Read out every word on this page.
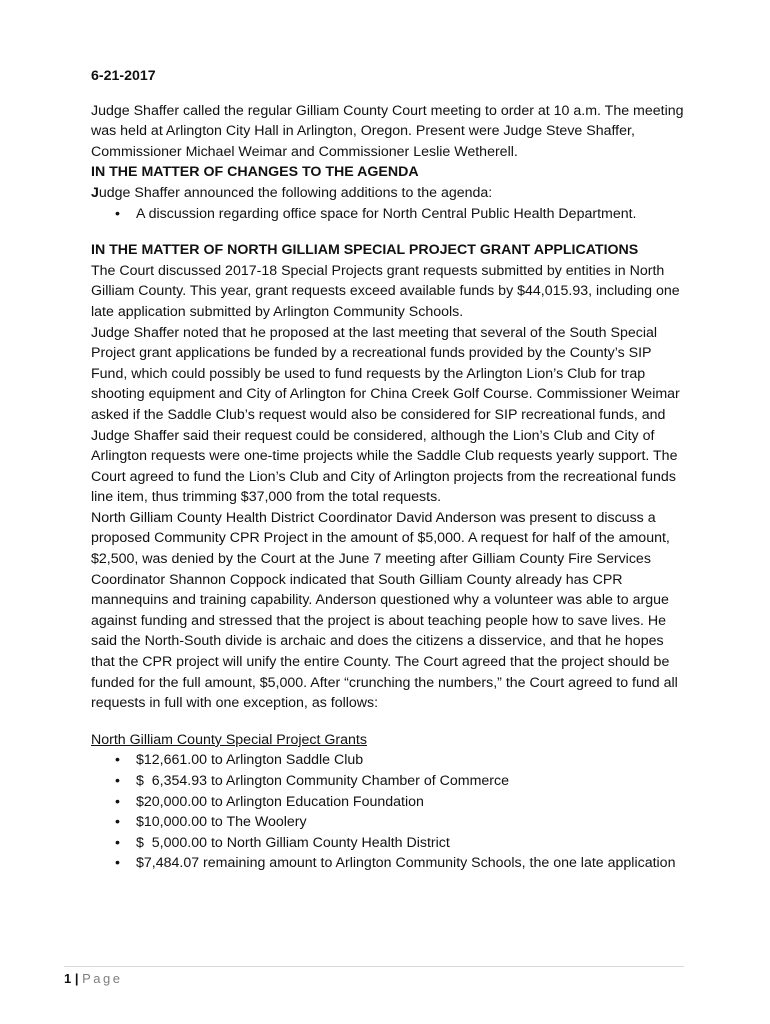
6-21-2017

Judge Shaffer called the regular Gilliam County Court meeting to order at 10 a.m. The meeting was held at Arlington City Hall in Arlington, Oregon. Present were Judge Steve Shaffer, Commissioner Michael Weimar and Commissioner Leslie Wetherell.

IN THE MATTER OF CHANGES TO THE AGENDA

Judge Shaffer announced the following additions to the agenda:

• A discussion regarding office space for North Central Public Health Department.

IN THE MATTER OF NORTH GILLIAM SPECIAL PROJECT GRANT APPLICATIONS

The Court discussed 2017-18 Special Projects grant requests submitted by entities in North Gilliam County. This year, grant requests exceed available funds by $44,015.93, including one late application submitted by Arlington Community Schools.

Judge Shaffer noted that he proposed at the last meeting that several of the South Special Project grant applications be funded by a recreational funds provided by the County’s SIP Fund, which could possibly be used to fund requests by the Arlington Lion’s Club for trap shooting equipment and City of Arlington for China Creek Golf Course. Commissioner Weimar asked if the Saddle Club’s request would also be considered for SIP recreational funds, and Judge Shaffer said their request could be considered, although the Lion’s Club and City of Arlington requests were one-time projects while the Saddle Club requests yearly support. The Court agreed to fund the Lion’s Club and City of Arlington projects from the recreational funds line item, thus trimming $37,000 from the total requests.

North Gilliam County Health District Coordinator David Anderson was present to discuss a proposed Community CPR Project in the amount of $5,000. A request for half of the amount, $2,500, was denied by the Court at the June 7 meeting after Gilliam County Fire Services Coordinator Shannon Coppock indicated that South Gilliam County already has CPR mannequins and training capability. Anderson questioned why a volunteer was able to argue against funding and stressed that the project is about teaching people how to save lives. He said the North-South divide is archaic and does the citizens a disservice, and that he hopes that the CPR project will unify the entire County. The Court agreed that the project should be funded for the full amount, $5,000. After “crunching the numbers,” the Court agreed to fund all requests in full with one exception, as follows:

North Gilliam County Special Project Grants

• $12,661.00 to Arlington Saddle Club
• $  6,354.93 to Arlington Community Chamber of Commerce
• $20,000.00 to Arlington Education Foundation
• $10,000.00 to The Woolery
• $  5,000.00 to North Gilliam County Health District
• $7,484.07 remaining amount to Arlington Community Schools, the one late application
1 | Page
